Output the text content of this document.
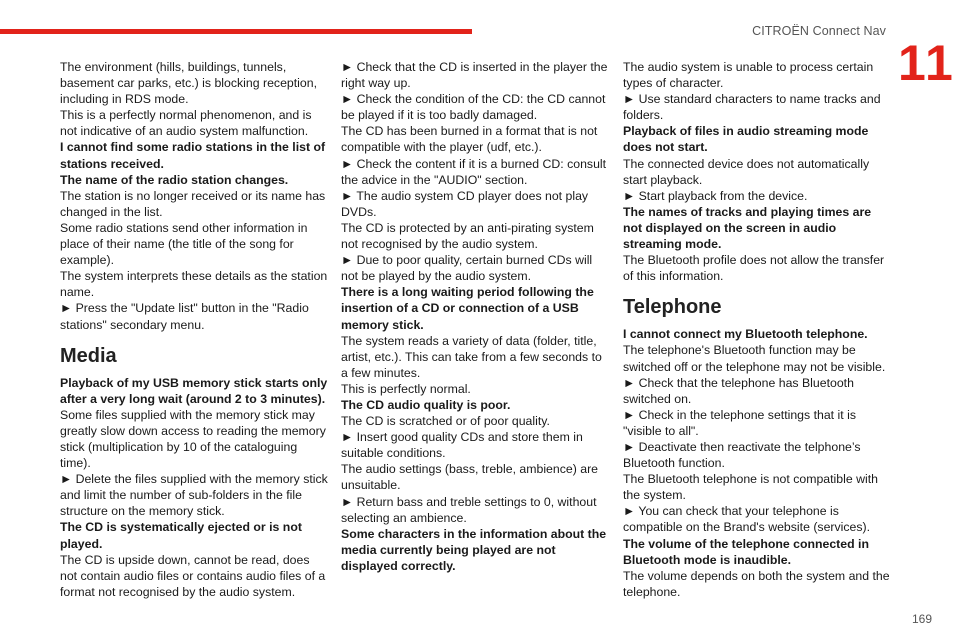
CITROËN Connect Nav
11

The environment (hills, buildings, tunnels, basement car parks, etc.) is blocking reception, including in RDS mode.

This is a perfectly normal phenomenon, and is not indicative of an audio system malfunction.

I cannot find some radio stations in the list of stations received.

The name of the radio station changes.

The station is no longer received or its name has changed in the list.

Some radio stations send other information in place of their name (the title of the song for example).

The system interprets these details as the station name.

► Press the "Update list" button in the "Radio stations" secondary menu.

Media

Playback of my USB memory stick starts only after a very long wait (around 2 to 3 minutes).

Some files supplied with the memory stick may greatly slow down access to reading the memory stick (multiplication by 10 of the cataloguing time).

► Delete the files supplied with the memory stick and limit the number of sub-folders in the file structure on the memory stick.

The CD is systematically ejected or is not played.

The CD is upside down, cannot be read, does not contain audio files or contains audio files of a format not recognised by the audio system.

► Check that the CD is inserted in the player the right way up.

► Check the condition of the CD: the CD cannot be played if it is too badly damaged.

The CD has been burned in a format that is not compatible with the player (udf, etc.).

► Check the content if it is a burned CD: consult the advice in the "AUDIO" section.

► The audio system CD player does not play DVDs.

The CD is protected by an anti-pirating system not recognised by the audio system.

► Due to poor quality, certain burned CDs will not be played by the audio system.

There is a long waiting period following the insertion of a CD or connection of a USB memory stick.

The system reads a variety of data (folder, title, artist, etc.). This can take from a few seconds to a few minutes.

This is perfectly normal.

The CD audio quality is poor.

The CD is scratched or of poor quality.

► Insert good quality CDs and store them in suitable conditions.

The audio settings (bass, treble, ambience) are unsuitable.

► Return bass and treble settings to 0, without selecting an ambience.

Some characters in the information about the media currently being played are not displayed correctly.

The audio system is unable to process certain types of character.

► Use standard characters to name tracks and folders.

Playback of files in audio streaming mode does not start.

The connected device does not automatically start playback.

► Start playback from the device.

The names of tracks and playing times are not displayed on the screen in audio streaming mode.

The Bluetooth profile does not allow the transfer of this information.

Telephone

I cannot connect my Bluetooth telephone.

The telephone's Bluetooth function may be switched off or the telephone may not be visible.

► Check that the telephone has Bluetooth switched on.

► Check in the telephone settings that it is "visible to all".

► Deactivate then reactivate the telphone’s Bluetooth function.

The Bluetooth telephone is not compatible with the system.

► You can check that your telephone is compatible on the Brand's website (services).

The volume of the telephone connected in Bluetooth mode is inaudible.

The volume depends on both the system and the telephone.

169
